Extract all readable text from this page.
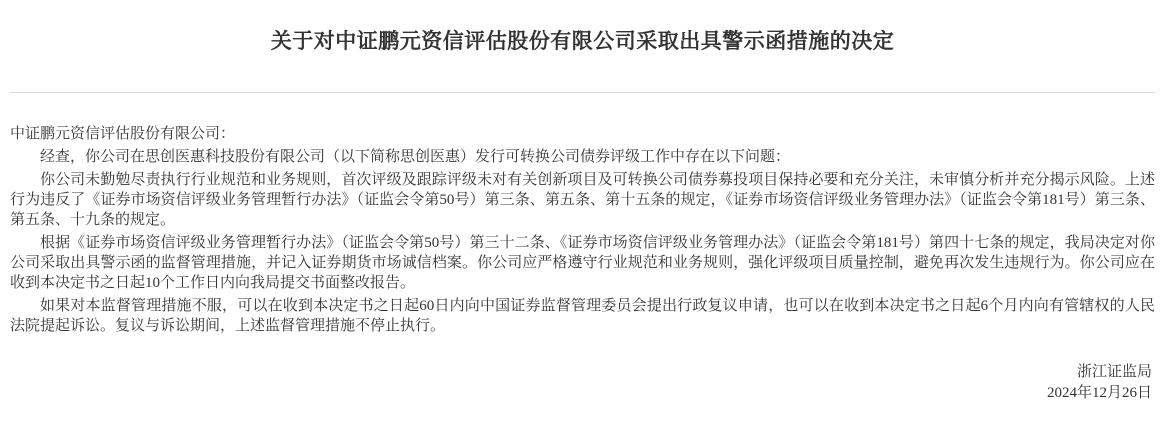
关于对中证鹏元资信评估股份有限公司采取出具警示函措施的决定

中证鹏元资信评估股份有限公司：

经查，你公司在思创医惠科技股份有限公司（以下简称思创医惠）发行可转换公司债券评级工作中存在以下问题：

你公司未勤勉尽责执行行业规范和业务规则，首次评级及跟踪评级未对有关创新项目及可转换公司债券募投项目保持必要和充分关注，未审慎分析并充分揭示风险。上述行为违反了《证券市场资信评级业务管理暂行办法》（证监会令第50号）第三条、第五条、第十五条的规定，《证券市场资信评级业务管理办法》（证监会令第181号）第三条、第五条、十九条的规定。

根据《证券市场资信评级业务管理暂行办法》（证监会令第50号）第三十二条、《证券市场资信评级业务管理办法》（证监会令第181号）第四十七条的规定，我局决定对你公司采取出具警示函的监督管理措施，并记入证券期货市场诚信档案。你公司应严格遵守行业规范和业务规则，强化评级项目质量控制，避免再次发生违规行为。你公司应在收到本决定书之日起10个工作日内向我局提交书面整改报告。

如果对本监督管理措施不服，可以在收到本决定书之日起60日内向中国证券监督管理委员会提出行政复议申请，也可以在收到本决定书之日起6个月内向有管辖权的人民法院提起诉讼。复议与诉讼期间，上述监督管理措施不停止执行。

浙江证监局

2024年12月26日
